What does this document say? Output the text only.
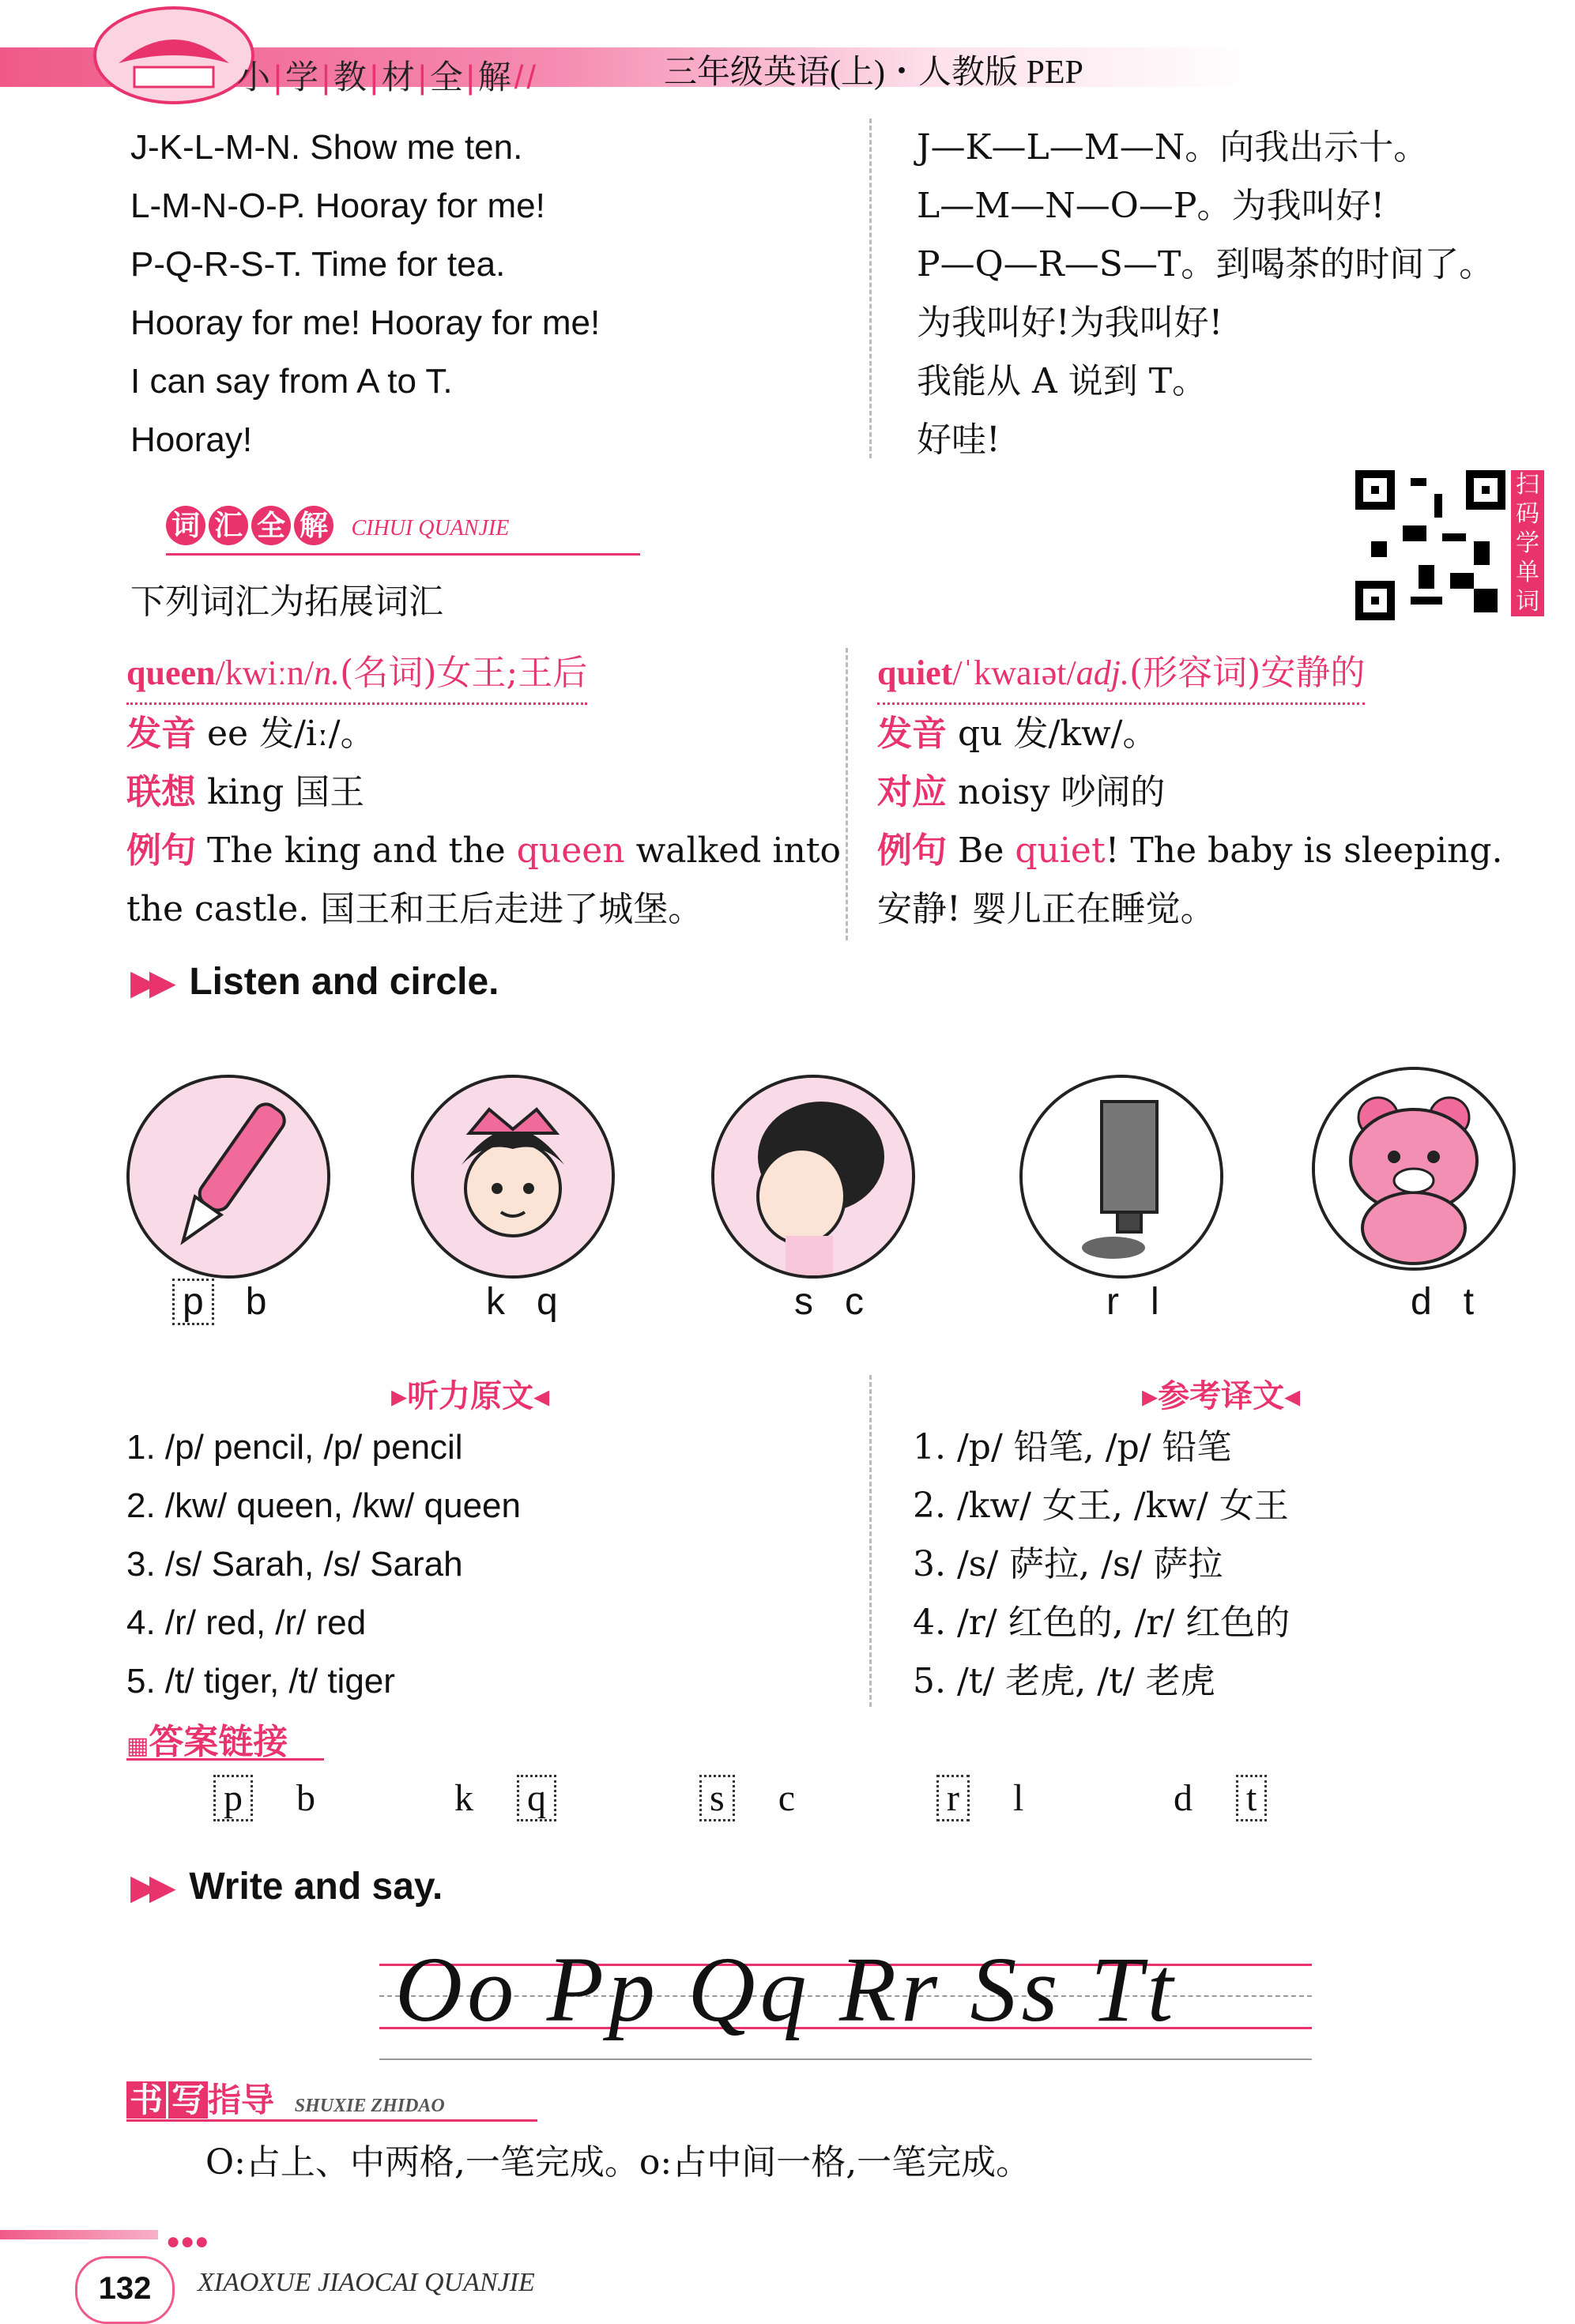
小|学|教|材|全|解//	三年级英语(上)・人教版 PEP
J-K-L-M-N. Show me ten.
L-M-N-O-P. Hooray for me!
P-Q-R-S-T. Time for tea.
Hooray for me! Hooray for me!
I can say from A to T.
Hooray!
J—K—L—M—N。向我出示十。
L—M—N—O—P。为我叫好!
P—Q—R—S—T。到喝茶的时间了。
为我叫好!为我叫好!
我能从 A 说到 T。
好哇!
词 汇 全 解 CIHUI QUANJIE
下列词汇为拓展词汇
扫
码
学
单
词
queen/kwiːn/n.(名词)女王;王后
发音 ee 发/iː/。
联想 king 国王
例句 The king and the queen walked into
the castle. 国王和王后走进了城堡。
quiet/ˈkwaɪət/adj.(形容词)安静的
发音 qu 发/kw/。
对应 noisy 吵闹的
例句 Be quiet! The baby is sleeping.
安静! 婴儿正在睡觉。
▶▶ Listen and circle.
p b	k q	s c	r l	d t
▸听力原文◂	▸参考译文◂
1. /p/ pencil, /p/ pencil
2. /kw/ queen, /kw/ queen
3. /s/ Sarah, /s/ Sarah
4. /r/ red, /r/ red
5. /t/ tiger, /t/ tiger
1. /p/ 铅笔, /p/ 铅笔
2. /kw/ 女王, /kw/ 女王
3. /s/ 萨拉, /s/ 萨拉
4. /r/ 红色的, /r/ 红色的
5. /t/ 老虎, /t/ 老虎
▦答案链接
p b	k q	s c	r l	d t
▶▶ Write and say.
Oo Pp Qq Rr Ss Tt
书 写指导 SHUXIE ZHIDAO
O:占上、中两格,一笔完成。o:占中间一格,一笔完成。
●●●
132	XIAOXUE JIAOCAI QUANJIE
